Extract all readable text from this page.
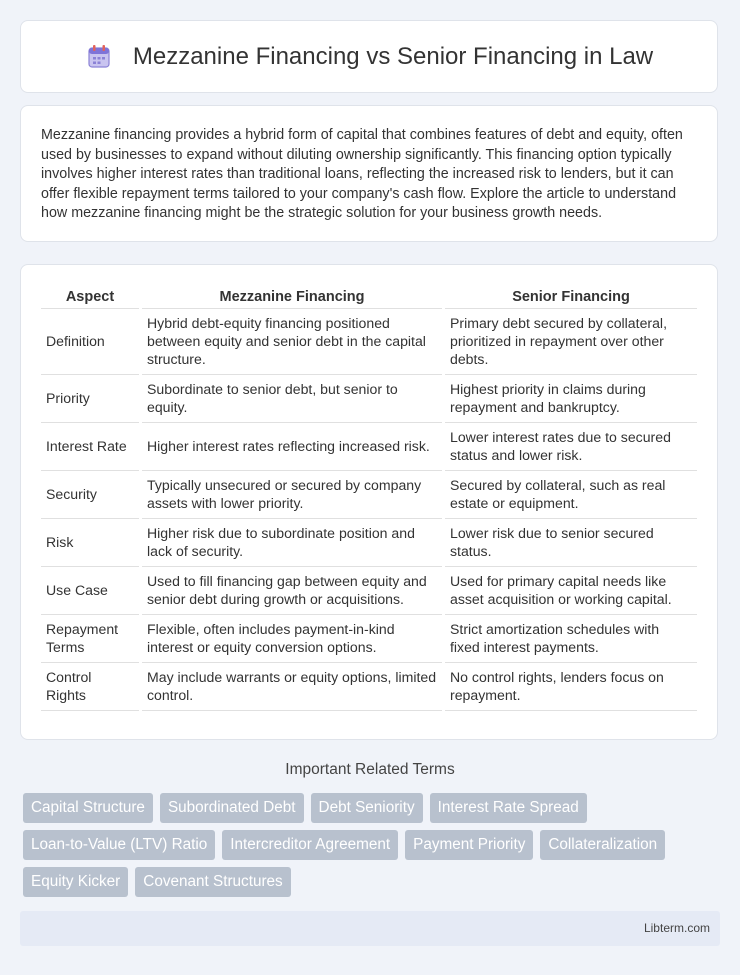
Mezzanine Financing vs Senior Financing in Law

Mezzanine financing provides a hybrid form of capital that combines features of debt and equity, often used by businesses to expand without diluting ownership significantly. This financing option typically involves higher interest rates than traditional loans, reflecting the increased risk to lenders, but it can offer flexible repayment terms tailored to your company's cash flow. Explore the article to understand how mezzanine financing might be the strategic solution for your business growth needs.

Aspect	Mezzanine Financing	Senior Financing
Definition	Hybrid debt-equity financing positioned between equity and senior debt in the capital structure.	Primary debt secured by collateral, prioritized in repayment over other debts.
Priority	Subordinate to senior debt, but senior to equity.	Highest priority in claims during repayment and bankruptcy.
Interest Rate	Higher interest rates reflecting increased risk.	Lower interest rates due to secured status and lower risk.
Security	Typically unsecured or secured by company assets with lower priority.	Secured by collateral, such as real estate or equipment.
Risk	Higher risk due to subordinate position and lack of security.	Lower risk due to senior secured status.
Use Case	Used to fill financing gap between equity and senior debt during growth or acquisitions.	Used for primary capital needs like asset acquisition or working capital.
Repayment Terms	Flexible, often includes payment-in-kind interest or equity conversion options.	Strict amortization schedules with fixed interest payments.
Control Rights	May include warrants or equity options, limited control.	No control rights, lenders focus on repayment.
Important Related Terms
Capital Structure	Subordinated Debt	Debt Seniority	Interest Rate Spread
Loan-to-Value (LTV) Ratio	Intercreditor Agreement	Payment Priority	Collateralization
Equity Kicker	Covenant Structures
Libterm.com
